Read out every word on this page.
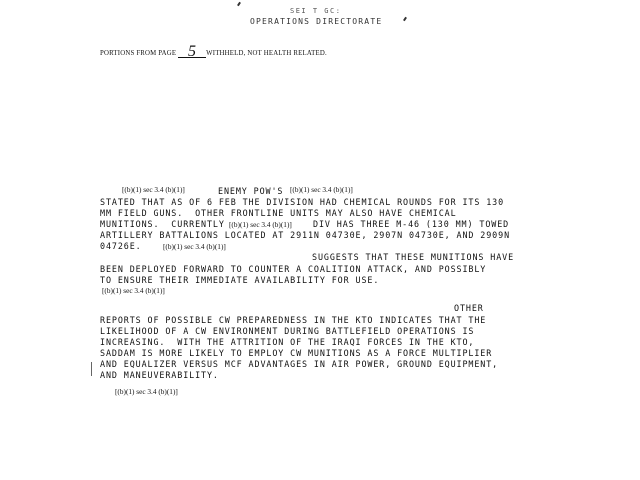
SEI T GC:
OPERATIONS DIRECTORATE
PORTIONS FROM PAGE 5 WITHHELD, NOT HEALTH RELATED.
[(b)(1) sec 3.4 (b)(1)]	ENEMY POW'S [(b)(1) sec 3.4 (b)(1)]
STATED THAT AS OF 6 FEB THE DIVISION HAD CHEMICAL ROUNDS FOR ITS 130
MM FIELD GUNS.  OTHER FRONTLINE UNITS MAY ALSO HAVE CHEMICAL
MUNITIONS.  CURRENTLY [(b)(1) sec 3.4 (b)(1)]	DIV HAS THREE M-46 (130 MM) TOWED
ARTILLERY BATTALIONS LOCATED AT 2911N 04730E, 2907N 04730E, AND 2909N
04726E.	[(b)(1) sec 3.4 (b)(1)]
SUGGESTS THAT THESE MUNITIONS HAVE
BEEN DEPLOYED FORWARD TO COUNTER A COALITION ATTACK, AND POSSIBLY
TO ENSURE THEIR IMMEDIATE AVAILABILITY FOR USE.
[(b)(1) sec 3.4 (b)(1)]
OTHER
REPORTS OF POSSIBLE CW PREPAREDNESS IN THE KTO INDICATES THAT THE
LIKELIHOOD OF A CW ENVIRONMENT DURING BATTLEFIELD OPERATIONS IS
INCREASING.  WITH THE ATTRITION OF THE IRAQI FORCES IN THE KTO,
SADDAM IS MORE LIKELY TO EMPLOY CW MUNITIONS AS A FORCE MULTIPLIER
AND EQUALIZER VERSUS MCF ADVANTAGES IN AIR POWER, GROUND EQUIPMENT,
AND MANEUVERABILITY.
[(b)(1) sec 3.4 (b)(1)]
